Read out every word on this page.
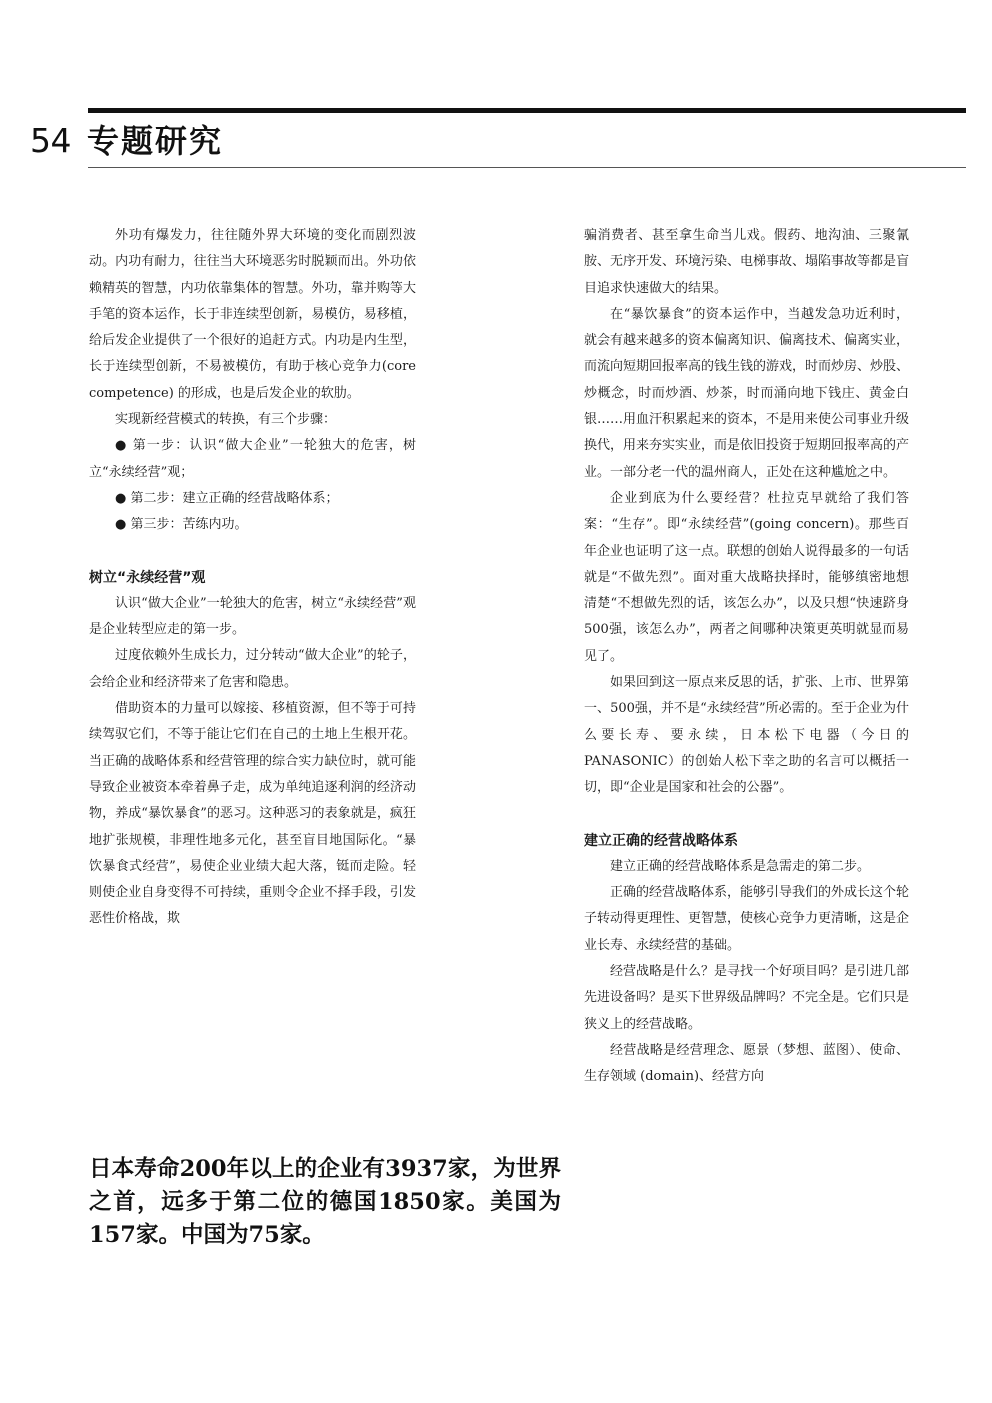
54 专题研究

外功有爆发力，往往随外界大环境的变化而剧烈波动。内功有耐力，往往当大环境恶劣时脱颖而出。外功依赖精英的智慧，内功依靠集体的智慧。外功，靠并购等大手笔的资本运作，长于非连续型创新，易模仿，易移植，给后发企业提供了一个很好的追赶方式。内功是内生型，长于连续型创新，不易被模仿，有助于核心竞争力(core competence) 的形成，也是后发企业的软肋。

实现新经营模式的转换，有三个步骤：

● 第一步：认识“做大企业”一轮独大的危害，树立“永续经营”观；

● 第二步：建立正确的经营战略体系；

● 第三步：苦练内功。

树立“永续经营”观

认识“做大企业”一轮独大的危害，树立“永续经营”观是企业转型应走的第一步。

过度依赖外生成长力，过分转动“做大企业”的轮子，会给企业和经济带来了危害和隐患。

借助资本的力量可以嫁接、移植资源，但不等于可持续驾驭它们，不等于能让它们在自己的土地上生根开花。当正确的战略体系和经营管理的综合实力缺位时，就可能导致企业被资本牵着鼻子走，成为单纯追逐利润的经济动物，养成“暴饮暴食”的恶习。这种恶习的表象就是，疯狂地扩张规模，非理性地多元化，甚至盲目地国际化。“暴饮暴食式经营”，易使企业业绩大起大落，铤而走险。轻则使企业自身变得不可持续，重则令企业不择手段，引发恶性价格战，欺

日本寿命200年以上的企业有3937家，为世界之首，远多于第二位的德国1850家。美国为157家。中国为75家。

骗消费者、甚至拿生命当儿戏。假药、地沟油、三聚氰胺、无序开发、环境污染、电梯事故、塌陷事故等都是盲目追求快速做大的结果。

在“暴饮暴食”的资本运作中，当越发急功近利时，就会有越来越多的资本偏离知识、偏离技术、偏离实业，而流向短期回报率高的钱生钱的游戏，时而炒房、炒股、炒概念，时而炒酒、炒茶，时而涌向地下钱庄、黄金白银……用血汗积累起来的资本，不是用来使公司事业升级换代，用来夯实实业，而是依旧投资于短期回报率高的产业。一部分老一代的温州商人，正处在这种尴尬之中。

企业到底为什么要经营？杜拉克早就给了我们答案：“生存”。即“永续经营”(going concern)。那些百年企业也证明了这一点。联想的创始人说得最多的一句话就是“不做先烈”。面对重大战略抉择时，能够缜密地想清楚“不想做先烈的话，该怎么办”，以及只想“快速跻身500强，该怎么办”，两者之间哪种决策更英明就显而易见了。

如果回到这一原点来反思的话，扩张、上市、世界第一、500强，并不是“永续经营”所必需的。至于企业为什么要长寿、要永续，日本松下电器（今日的PANASONIC）的创始人松下幸之助的名言可以概括一切，即“企业是国家和社会的公器”。

建立正确的经营战略体系

建立正确的经营战略体系是急需走的第二步。

正确的经营战略体系，能够引导我们的外成长这个轮子转动得更理性、更智慧，使核心竞争力更清晰，这是企业长寿、永续经营的基础。

经营战略是什么？是寻找一个好项目吗？是引进几部先进设备吗？是买下世界级品牌吗？不完全是。它们只是狭义上的经营战略。

经营战略是经营理念、愿景（梦想、蓝图）、使命、生存领域 (domain)、经营方向
